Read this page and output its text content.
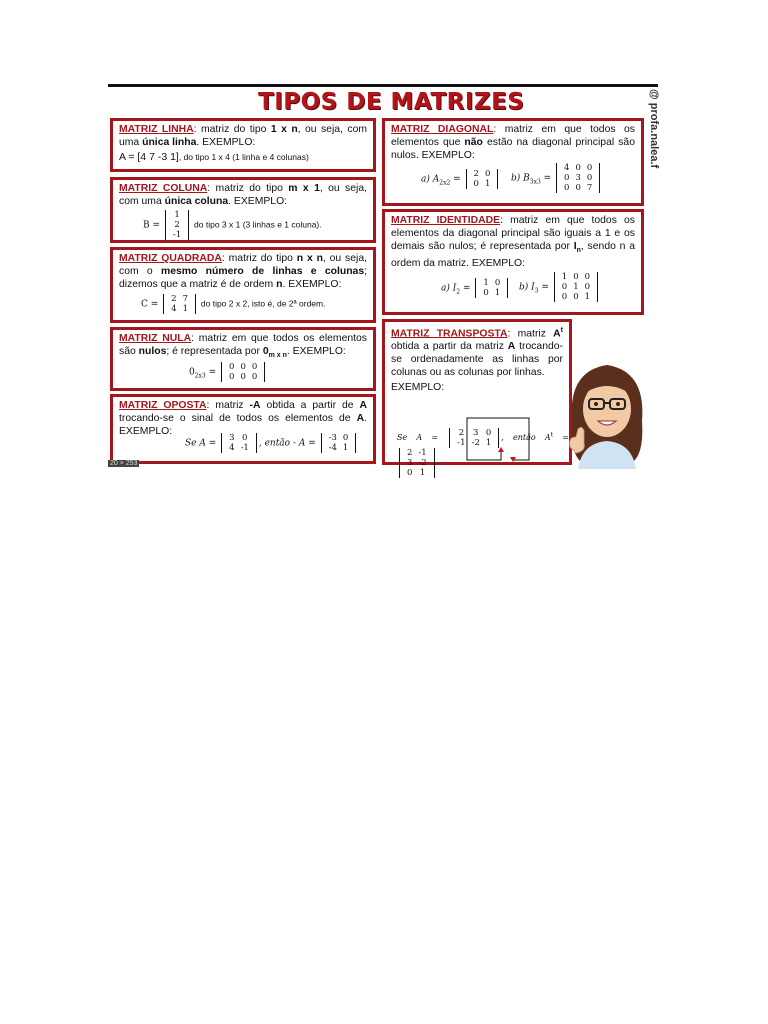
TIPOS DE MATRIZES	@ profa.nalea.f
MATRIZ LINHA: matriz do tipo 1 x n, ou seja, com uma única linha. EXEMPLO:
A = [4 7 -3 1], do tipo 1 x 4 (1 linha e 4 colunas)
MATRIZ COLUNA: matriz do tipo m x 1, ou seja, com uma única coluna. EXEMPLO:
B =
1
2
-1
do tipo 3 x 1 (3 linhas e 1 coluna).
MATRIZ QUADRADA: matriz do tipo n x n, ou seja, com o mesmo número de linhas e colunas; dizemos que a matriz é de ordem n. EXEMPLO:
C =
2	7
4	1
do tipo 2 x 2, isto é, de 2ª ordem.
MATRIZ NULA: matriz em que todos os elementos são nulos; é representada por $0_{m x n}$. EXEMPLO:
$0_{2x3}$ =
0	0	0
0	0	0
MATRIZ OPOSTA: matriz -A obtida a partir de A trocando-se o sinal de todos os elementos de A. EXEMPLO:
Se A =
3	0
4	-1 , então - A =
-3	0
-4	1
MATRIZ DIAGONAL: matriz em que todos os elementos que não estão na diagonal principal são nulos. EXEMPLO:
a) $A_{2x2}$ =
2	0
0	1
b) $B_{3x3}$ =
4	0	0
0	3	0
0	0	7
MATRIZ IDENTIDADE: matriz em que todos os elementos da diagonal principal são iguais a 1 e os demais são nulos; é representada por $I_n$, sendo n a ordem da matriz. EXEMPLO:
a) $I_2$ =
1	0
0	1
b) $I_3$ =
1	0	0
0	1	0
0	0	1
MATRIZ TRANSPOSTA: matriz $A^t$ obtida a partir da matriz A trocando-se ordenadamente as linhas por colunas ou as colunas por linhas.
EXEMPLO:
Se A = 2	3	0
-1	-2	1
, então $A^t$ =
2	-1
3	-2
0	1
20 × 253
